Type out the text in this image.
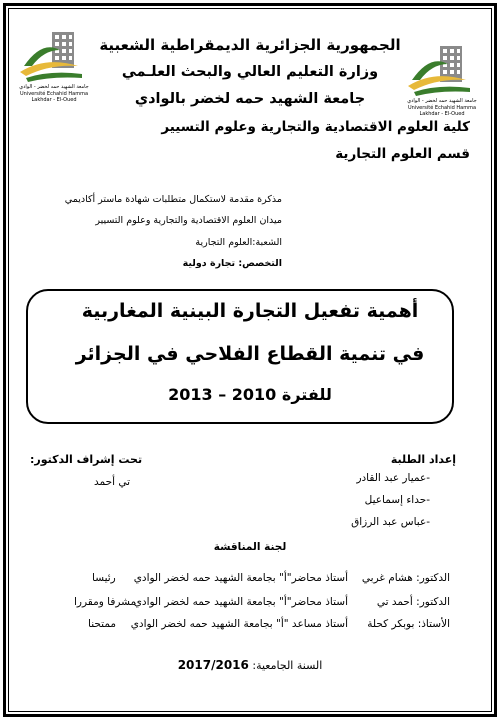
جامعة الشهيد حمه لخضر - الوادي
Université Echahid Hamma Lakhdar - El-Oued	جامعة الشهيد حمه لخضر - الوادي
Université Echahid Hamma Lakhdar - El-Oued
الجمهورية الجزائرية الديمقراطية الشعبية
وزارة التعليم العالي والبحث العلـمي
جامعة الشهيد حمه لخضر بالوادي
كلية العلوم الاقتصادية والتجارية وعلوم التسيير
قسم العلوم التجارية
مذكرة مقدمة لاستكمال متطلبات شهادة ماستر أكاديمي
ميدان العلوم الاقتصادية والتجارية وعلوم التسيير
الشعبة:العلوم التجارية
التخصص: تجارة دولية
أهمية تفعيل التجارة البينية المغاربية
في تنمية القطاع الفلاحي في الجزائر
للفترة 2010 – 2013
إعداد الطلبة
-عميار عبد القادر
-حداء إسماعيل
-عباس عبد الرزاق
تحت إشراف الدكتور:
تي أحمد
لجنة المناقشة
الدكتور: هشام غربي
أستاذ محاضر"أ" بجامعة الشهيد حمه لخضر الوادي
رئيسا
الدكتور: أحمد تي
أستاذ محاضر"أ" بجامعة الشهيد حمه لخضر الوادي
مشرفا ومقررا
الأستاذ: بوبكر كحلة
أستاذ مساعد "أ" بجامعة الشهيد حمه لخضر الوادي
ممتحنا
السنة الجامعية: 2017/2016
